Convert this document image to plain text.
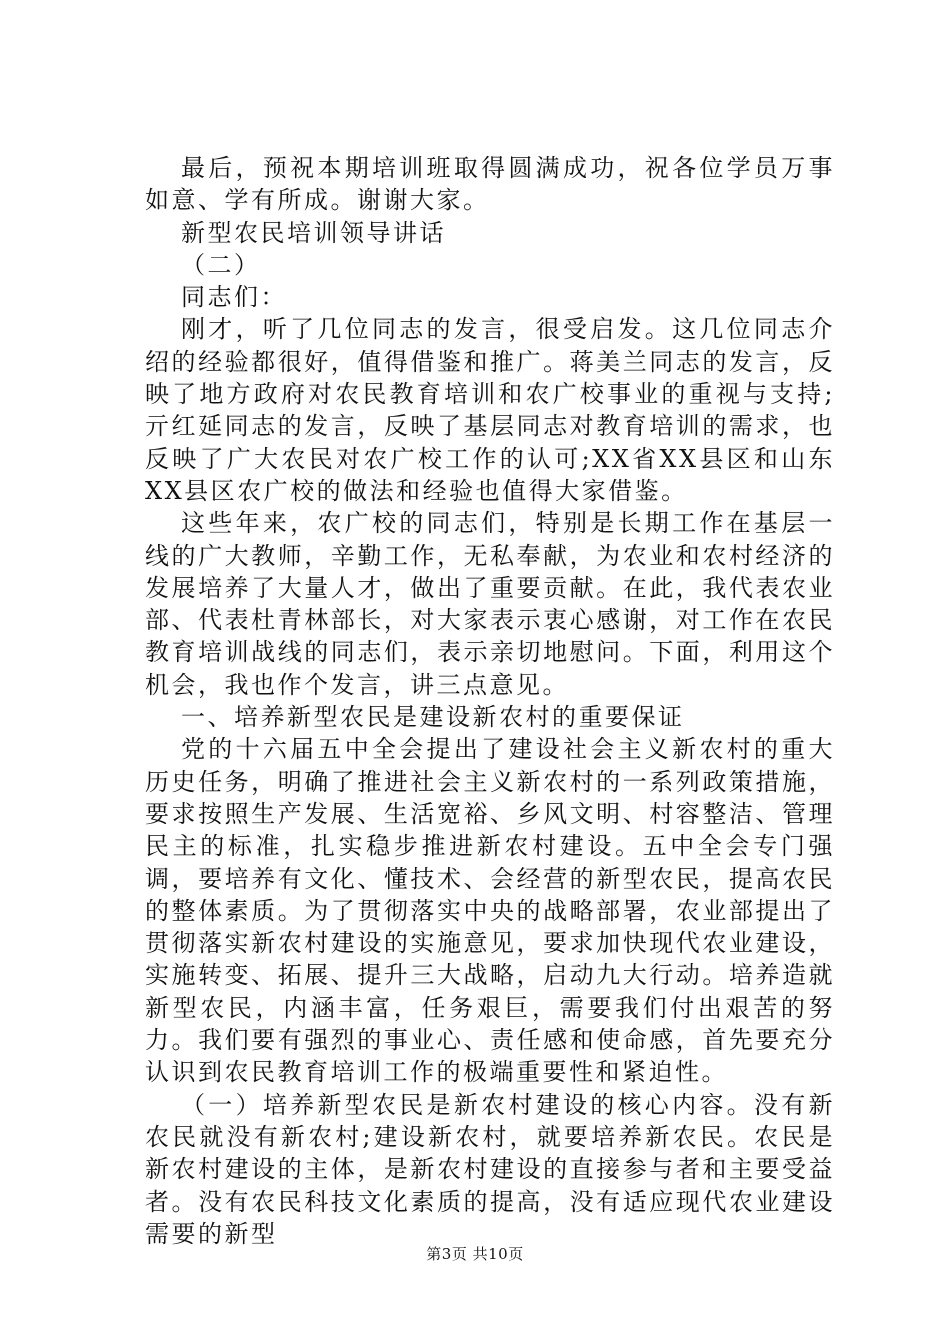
最后，预祝本期培训班取得圆满成功，祝各位学员万事如意、学有所成。谢谢大家。

新型农民培训领导讲话

（二）

同志们：

刚才，听了几位同志的发言，很受启发。这几位同志介绍的经验都很好，值得借鉴和推广。蒋美兰同志的发言，反映了地方政府对农民教育培训和农广校事业的重视与支持;亓红延同志的发言，反映了基层同志对教育培训的需求，也反映了广大农民对农广校工作的认可;XX省XX县区和山东XX县区农广校的做法和经验也值得大家借鉴。

这些年来，农广校的同志们，特别是长期工作在基层一线的广大教师，辛勤工作，无私奉献，为农业和农村经济的发展培养了大量人才，做出了重要贡献。在此，我代表农业部、代表杜青林部长，对大家表示衷心感谢，对工作在农民教育培训战线的同志们，表示亲切地慰问。下面，利用这个机会，我也作个发言，讲三点意见。

一、培养新型农民是建设新农村的重要保证

党的十六届五中全会提出了建设社会主义新农村的重大历史任务，明确了推进社会主义新农村的一系列政策措施，要求按照生产发展、生活宽裕、乡风文明、村容整洁、管理民主的标准，扎实稳步推进新农村建设。五中全会专门强调，要培养有文化、懂技术、会经营的新型农民，提高农民的整体素质。为了贯彻落实中央的战略部署，农业部提出了贯彻落实新农村建设的实施意见，要求加快现代农业建设，实施转变、拓展、提升三大战略，启动九大行动。培养造就新型农民，内涵丰富，任务艰巨，需要我们付出艰苦的努力。我们要有强烈的事业心、责任感和使命感，首先要充分认识到农民教育培训工作的极端重要性和紧迫性。

（一）培养新型农民是新农村建设的核心内容。没有新农民就没有新农村;建设新农村，就要培养新农民。农民是新农村建设的主体，是新农村建设的直接参与者和主要受益者。没有农民科技文化素质的提高，没有适应现代农业建设需要的新型

第3页 共10页
